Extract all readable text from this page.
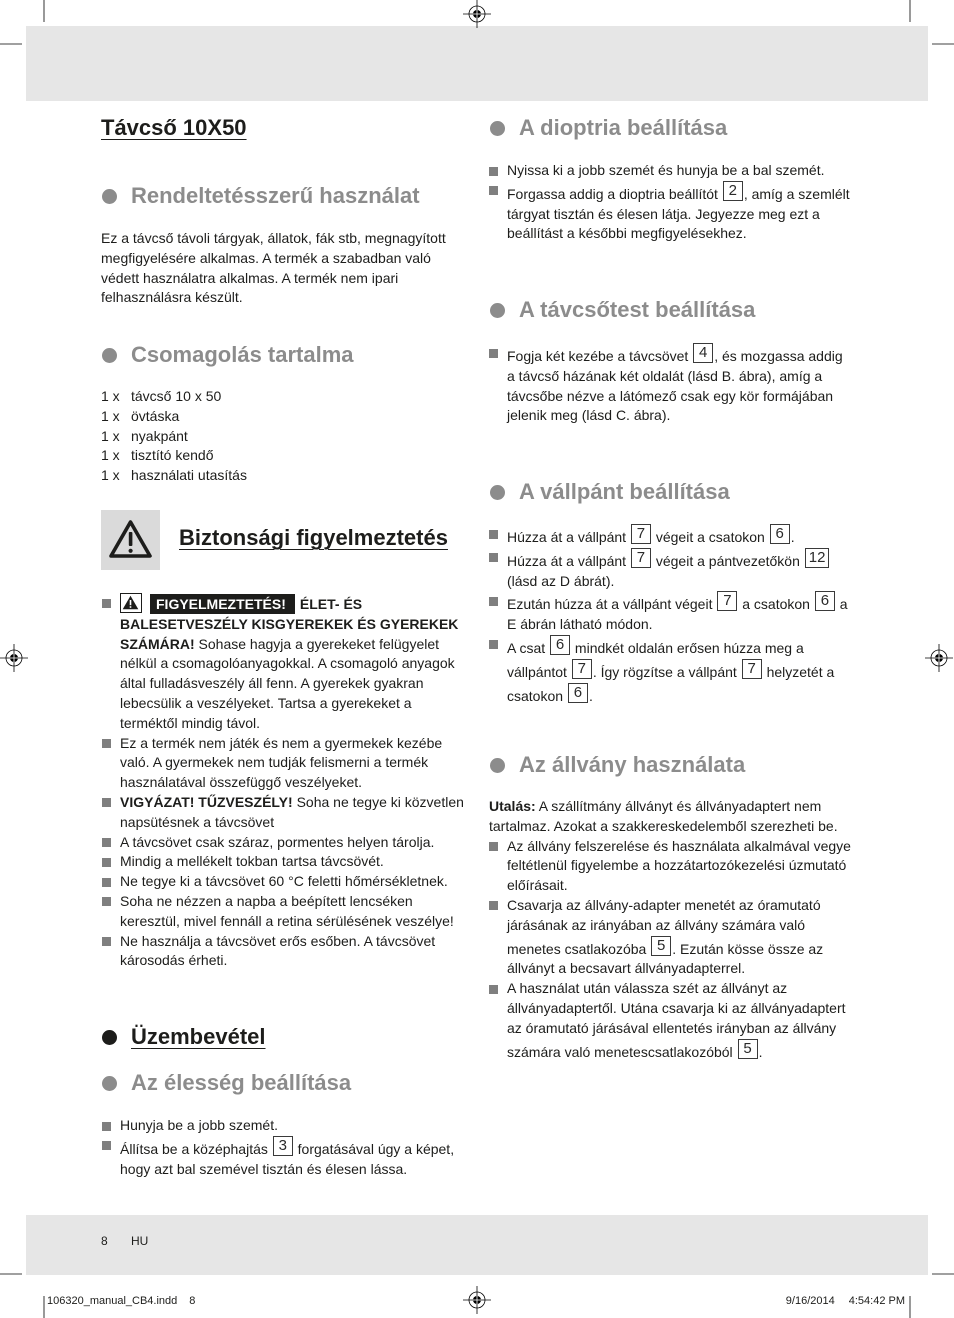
Távcső 10X50
Rendeltetésszerű használat
Ez a távcső távoli tárgyak, állatok, fák stb, megnagyított megfigyelésére alkalmas. A termék a szabadban való védett használatra alkalmas. A termék nem ipari felhasználásra készült.
Csomagolás tartalma
1 x távcső 10 x 50
1 x övtáska
1 x nyakpánt
1 x tisztító kendő
1 x használati utasítás
Biztonsági figyelmeztetés
FIGYELMEZTETÉS! ÉLET- ÉS BALESETVESZÉLY KISGYEREKEK ÉS GYEREKEK SZÁMÁRA! Sohase hagyja a gyerekeket felügyelet nélkül a csomagolóanyagokkal. A csomagoló anyagok által fulladásveszély áll fenn. A gyerekek gyakran lebecsülik a veszélyeket. Tartsa a gyerekeket a terméktől mindig távol.
Ez a termék nem játék és nem a gyermekek kezébe való. A gyermekek nem tudják felismerni a termék használatával összefüggő veszélyeket.
VIGYÁZAT! TŰZVESZÉLY! Soha ne tegye ki közvetlen napsütésnek a távcsövet
A távcsövet csak száraz, pormentes helyen tárolja.
Mindig a mellékelt tokban tartsa távcsövét.
Ne tegye ki a távcsövet 60 °C feletti hőmérsékletnek.
Soha ne nézzen a napba a beépített lencséken keresztül, mivel fennáll a retina sérülésének veszélye!
Ne használja a távcsövet erős esőben. A távcsövet károsodás érheti.
Üzembevétel
Az élesség beállítása
Hunyja be a jobb szemét.
Állítsa be a középhajtás 3 forgatásával úgy a képet, hogy azt bal szemével tisztán és élesen lássa.
A dioptria beállítása
Nyissa ki a jobb szemét és hunyja be a bal szemét.
Forgassa addig a dioptria beállítót 2 , amíg a szemlélt tárgyat tisztán és élesen látja. Jegyezze meg ezt a beállítást a későbbi megfigyelésekhez.
A távcsőtest beállítása
Fogja két kezébe a távcsövet 4 , és mozgassa addig a távcső házának két oldalát (lásd B. ábra), amíg a távcsőbe nézve a látómező csak egy kör formájában jelenik meg (lásd C. ábra).
A vállpánt beállítása
Húzza át a vállpánt 7 végeit a csatokon 6 .
Húzza át a vállpánt 7 végeit a pántvezetőkön 12 (lásd az D ábrát).
Ezután húzza át a vállpánt végeit 7 a csatokon 6 a E ábrán látható módon.
A csat 6 mindkét oldalán erősen húzza meg a vállpántot 7 . Így rögzítse a vállpánt 7 helyzetét a csatokon 6 .
Az állvány használata
Utalás: A szállítmány állványt és állványadaptert nem tartalmaz. Azokat a szakkereskedelemből szerezheti be.
Az állvány felszerelése és használata alkalmával vegye feltétlenül figyelembe a hozzátartozókezelési úzmutató előírásait.
Csavarja az állvány-adapter menetét az óramutató járásának az irányában az állvány számára való menetes csatlakozóba 5 . Ezután kösse össze az állványt a becsavart állványadapterrel.
A használat után válassza szét az állványt az állványadaptertől. Utána csavarja ki az állványadaptert az óramutató járásával ellentetés irányban az állvány számára való menetescsatlakozóból 5 .
8 HU
106320_manual_CB4.indd 8	9/16/2014 4:54:42 PM
